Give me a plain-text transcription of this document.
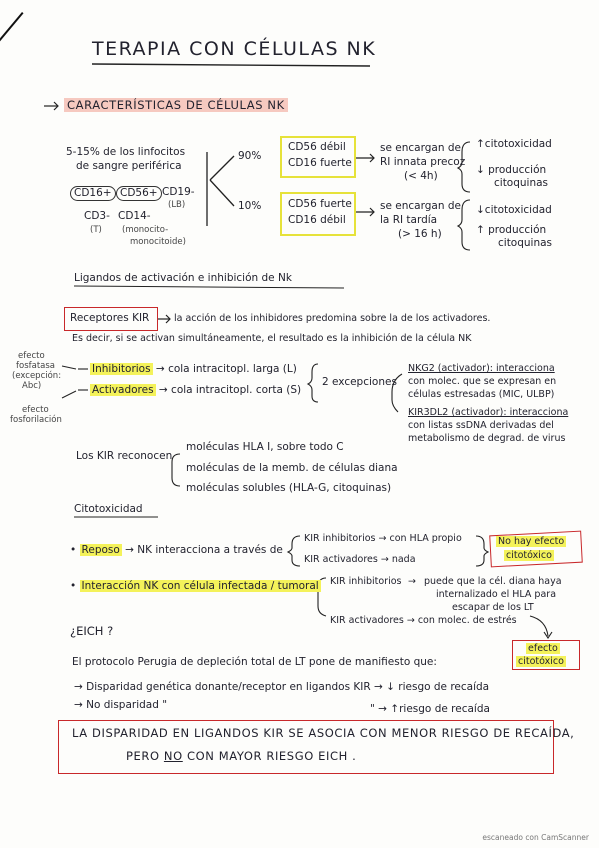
TERAPIA CON CÉLULAS NK
CARACTERÍSTICAS DE CÉLULAS NK
5-15% de los linfocitos
de sangre periférica
CD16+ CD56+ CD19-
(LB)
CD3- CD14-
(T) (monocito-
monocitoide)
90%
10%
CD56 débil
CD16 fuerte
CD56 fuerte
CD16 débil
se encargan de
RI innata precoz
(< 4h)
se encargan de
la RI tardía
(> 16 h)
↑citotoxicidad
↓ producción
citoquinas
↓citotoxicidad
↑ producción
citoquinas
Ligandos de activación e inhibición de Nk
Receptores KIR	la acción de los inhibidores predomina sobre la de los activadores.
Es decir, si se activan simultáneamente, el resultado es la inhibición de la célula NK
efecto
fosfatasa
(excepción:
Abc)
efecto
fosforilación
Inhibitorios → cola intracitopl. larga (L)
Activadores → cola intracitopl. corta (S)
2 excepciones
NKG2 (activador): interacciona
con molec. que se expresan en
células estresadas (MIC, ULBP)
KIR3DL2 (activador): interacciona
con listas ssDNA derivadas del
metabolismo de degrad. de virus
Los KIR reconocen
moléculas HLA I, sobre todo C
moléculas de la memb. de células diana
moléculas solubles (HLA-G, citoquinas)
Citotoxicidad
• Reposo → NK interacciona a través de
KIR inhibitorios → con HLA propio
KIR activadores → nada
No hay efecto
citotóxico
• Interacción NK con célula infectada / tumoral KIR inhibitorios → puede que la cél. diana haya
internalizado el HLA para
escapar de los LT
KIR activadores → con molec. de estrés
efecto
citotóxico
¿EICH ?
El protocolo Perugia de depleción total de LT pone de manifiesto que:
→ Disparidad genética donante/receptor en ligandos KIR → ↓ riesgo de recaída
→ No disparidad "	" → ↑riesgo de recaída
LA DISPARIDAD EN LIGANDOS KIR SE ASOCIA CON MENOR RIESGO DE RECAÍDA,
PERO NO CON MAYOR RIESGO EICH .
escaneado con CamScanner
